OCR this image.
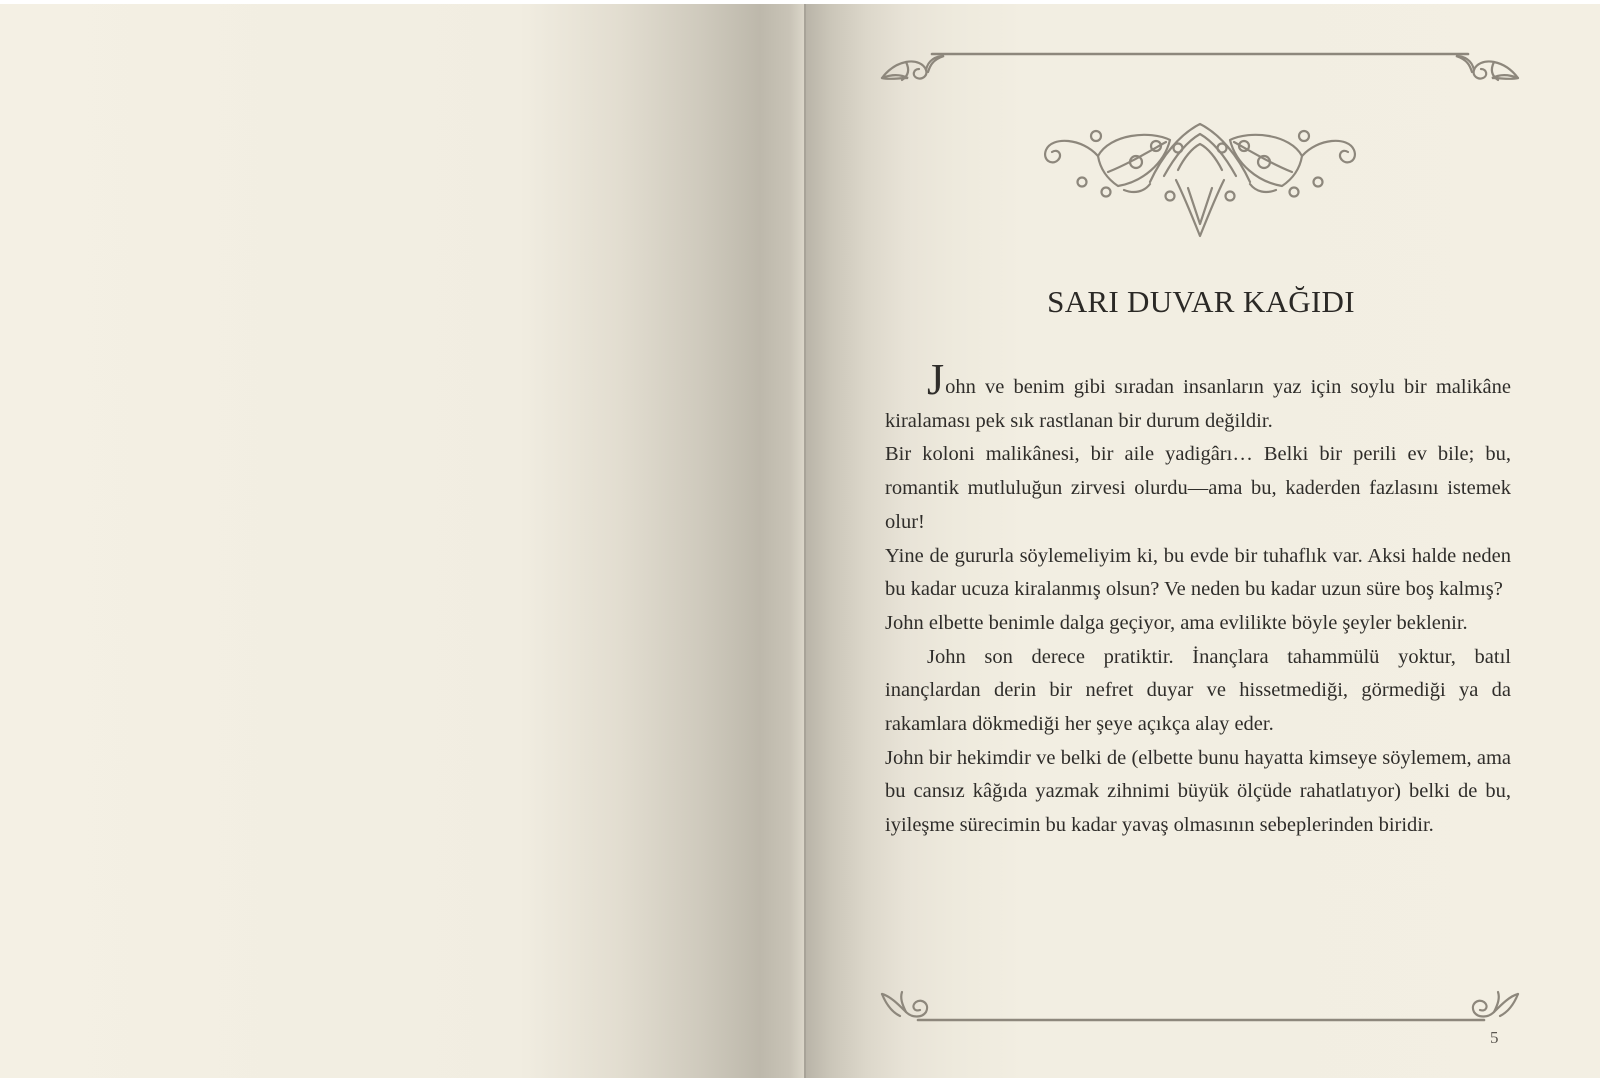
SARI DUVAR KAĞIDI

John ve benim gibi sıradan insanların yaz için soylu bir malikâne kiralaması pek sık rastlanan bir durum değildir.

Bir koloni malikânesi, bir aile yadigârı… Belki bir perili ev bile; bu, romantik mutluluğun zirvesi olurdu—ama bu, kaderden fazlasını istemek olur!

Yine de gururla söylemeliyim ki, bu evde bir tuhaflık var. Aksi halde neden bu kadar ucuza kiralanmış olsun? Ve neden bu kadar uzun süre boş kalmış?

John elbette benimle dalga geçiyor, ama evlilikte böyle şeyler beklenir.

John son derece pratiktir. İnançlara tahammülü yoktur, batıl inançlardan derin bir nefret duyar ve hissetmediği, görmediği ya da rakamlara dökmediği her şeye açıkça alay eder.

John bir hekimdir ve belki de (elbette bunu hayatta kimseye söylemem, ama bu cansız kâğıda yazmak zihnimi büyük ölçüde rahatlatıyor) belki de bu, iyileşme sürecimin bu kadar yavaş olmasının sebeplerinden biridir.

5
